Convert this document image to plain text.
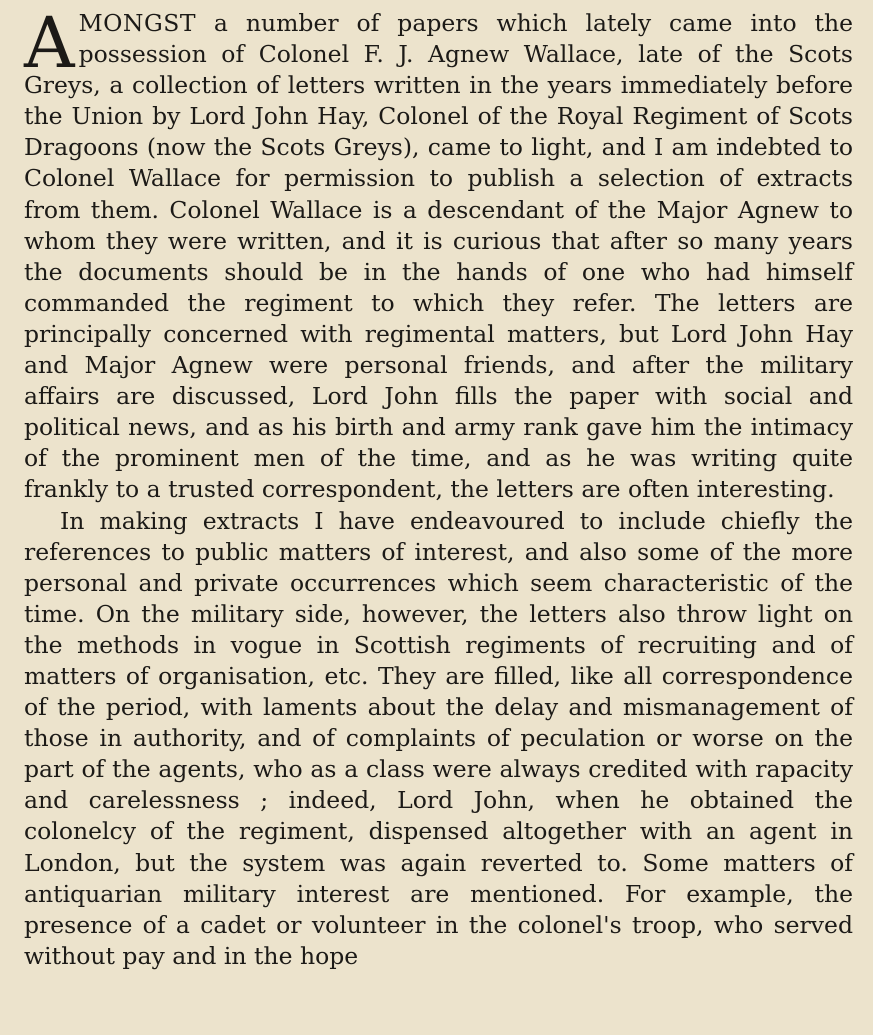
AMONGST a number of papers which lately came into the possession of Colonel F. J. Agnew Wallace, late of the Scots Greys, a collection of letters written in the years immediately before the Union by Lord John Hay, Colonel of the Royal Regiment of Scots Dragoons (now the Scots Greys), came to light, and I am indebted to Colonel Wallace for permission to publish a selection of extracts from them. Colonel Wallace is a descendant of the Major Agnew to whom they were written, and it is curious that after so many years the documents should be in the hands of one who had himself commanded the regiment to which they refer. The letters are principally concerned with regimental matters, but Lord John Hay and Major Agnew were personal friends, and after the military affairs are discussed, Lord John fills the paper with social and political news, and as his birth and army rank gave him the intimacy of the prominent men of the time, and as he was writing quite frankly to a trusted correspondent, the letters are often interesting.

In making extracts I have endeavoured to include chiefly the references to public matters of interest, and also some of the more personal and private occurrences which seem characteristic of the time. On the military side, however, the letters also throw light on the methods in vogue in Scottish regiments of recruiting and of matters of organisation, etc. They are filled, like all correspondence of the period, with laments about the delay and mismanagement of those in authority, and of complaints of peculation or worse on the part of the agents, who as a class were always credited with rapacity and carelessness ; indeed, Lord John, when he obtained the colonelcy of the regiment, dispensed altogether with an agent in London, but the system was again reverted to. Some matters of antiquarian military interest are mentioned. For example, the presence of a cadet or volunteer in the colonel's troop, who served without pay and in the hope
